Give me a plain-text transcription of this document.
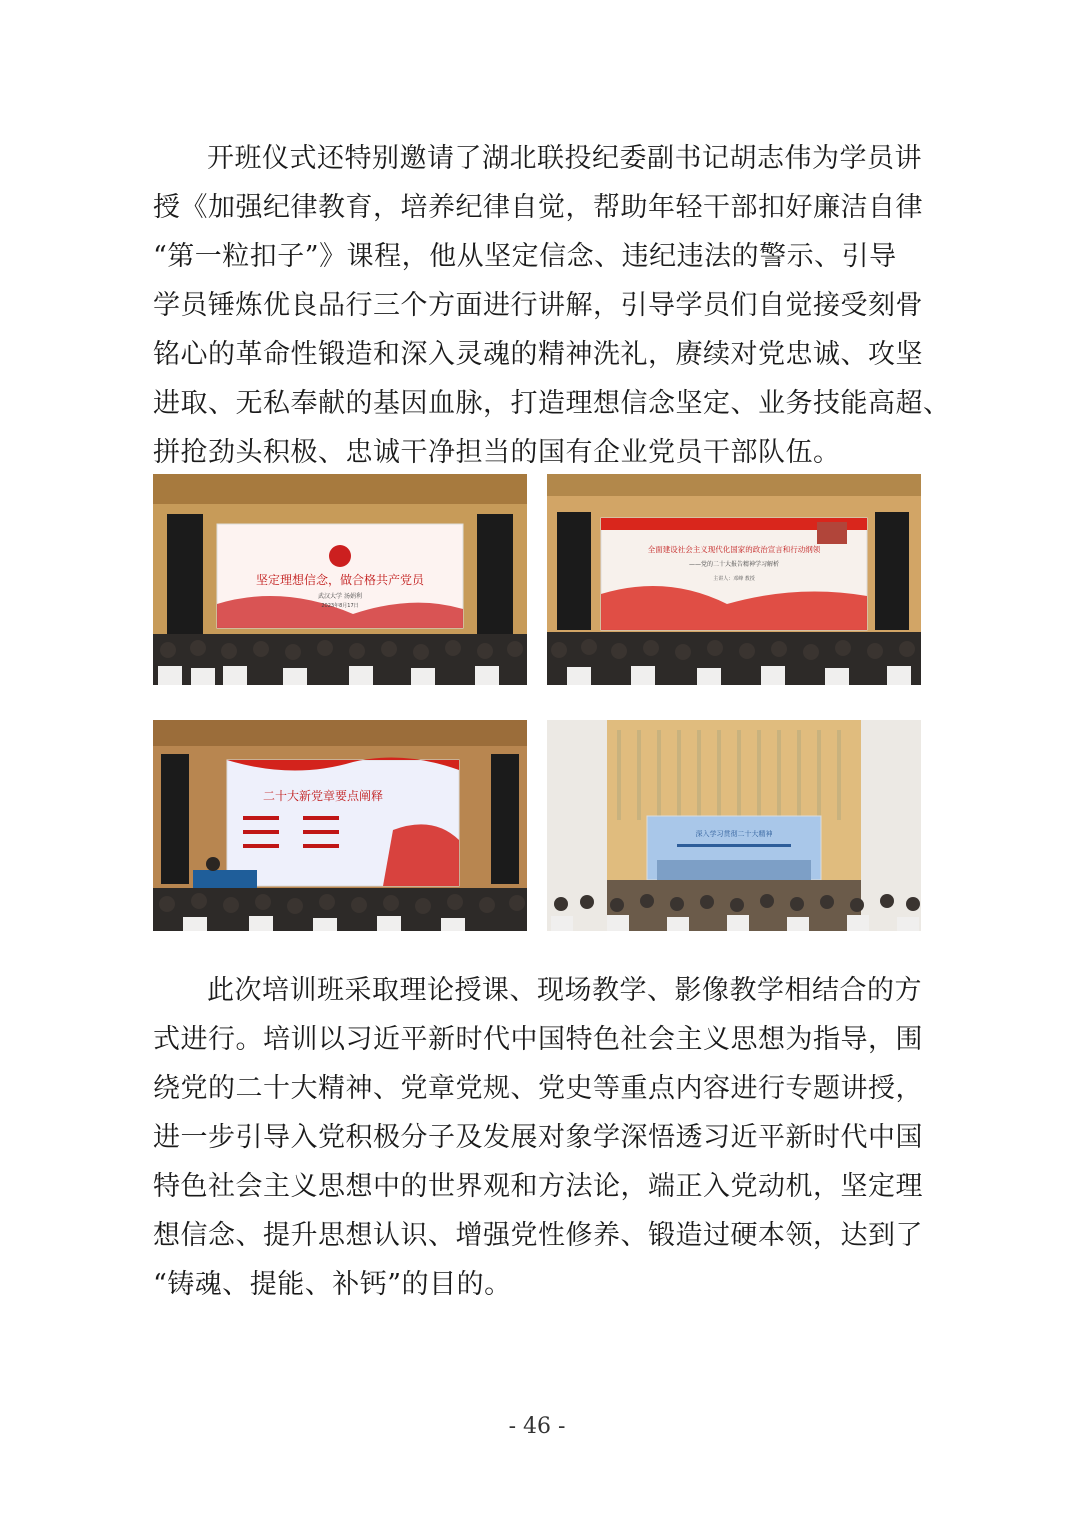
开班仪式还特别邀请了湖北联投纪委副书记胡志伟为学员讲
授《加强纪律教育，培养纪律自觉，帮助年轻干部扣好廉洁自律
“第一粒扣子”》课程，他从坚定信念、违纪违法的警示、引导
学员锤炼优良品行三个方面进行讲解，引导学员们自觉接受刻骨
铭心的革命性锻造和深入灵魂的精神洗礼，赓续对党忠诚、攻坚
进取、无私奉献的基因血脉，打造理想信念坚定、业务技能高超、
拼抢劲头积极、忠诚干净担当的国有企业党员干部队伍。
坚定理想信念，做合格共产党员
武汉大学 汤娟利
2023年8月17日
全面建设社会主义现代化国家的政治宣言和行动纲领
——党的二十大报告精神学习解析
主讲人：邓峰 教授
二十大新党章要点阐释
深入学习贯彻二十大精神
此次培训班采取理论授课、现场教学、影像教学相结合的方
式进行。培训以习近平新时代中国特色社会主义思想为指导，围
绕党的二十大精神、党章党规、党史等重点内容进行专题讲授，
进一步引导入党积极分子及发展对象学深悟透习近平新时代中国
特色社会主义思想中的世界观和方法论，端正入党动机，坚定理
想信念、提升思想认识、增强党性修养、锻造过硬本领，达到了
“铸魂、提能、补钙”的目的。
- 46 -
